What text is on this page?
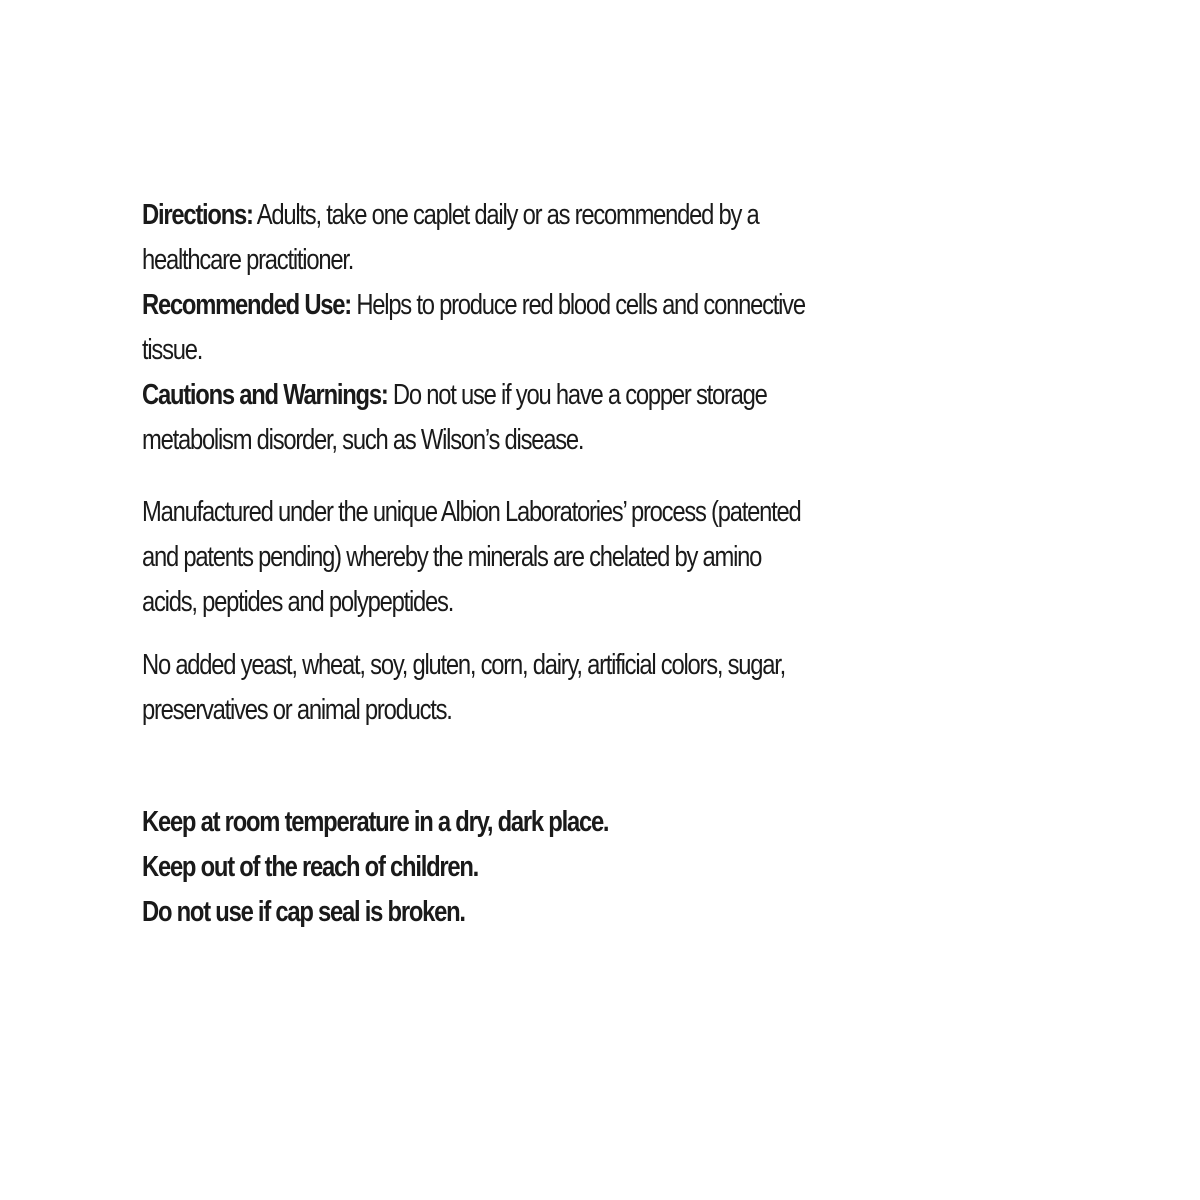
Directions: Adults, take one caplet daily or as recommended by a
healthcare practitioner.
Recommended Use: Helps to produce red blood cells and connective
tissue.
Cautions and Warnings: Do not use if you have a copper storage
metabolism disorder, such as Wilson’s disease.
Manufactured under the unique Albion Laboratories’ process (patented
and patents pending) whereby the minerals are chelated by amino
acids, peptides and polypeptides.
No added yeast, wheat, soy, gluten, corn, dairy, artificial colors, sugar,
preservatives or animal products.
Keep at room temperature in a dry, dark place.
Keep out of the reach of children.
Do not use if cap seal is broken.
